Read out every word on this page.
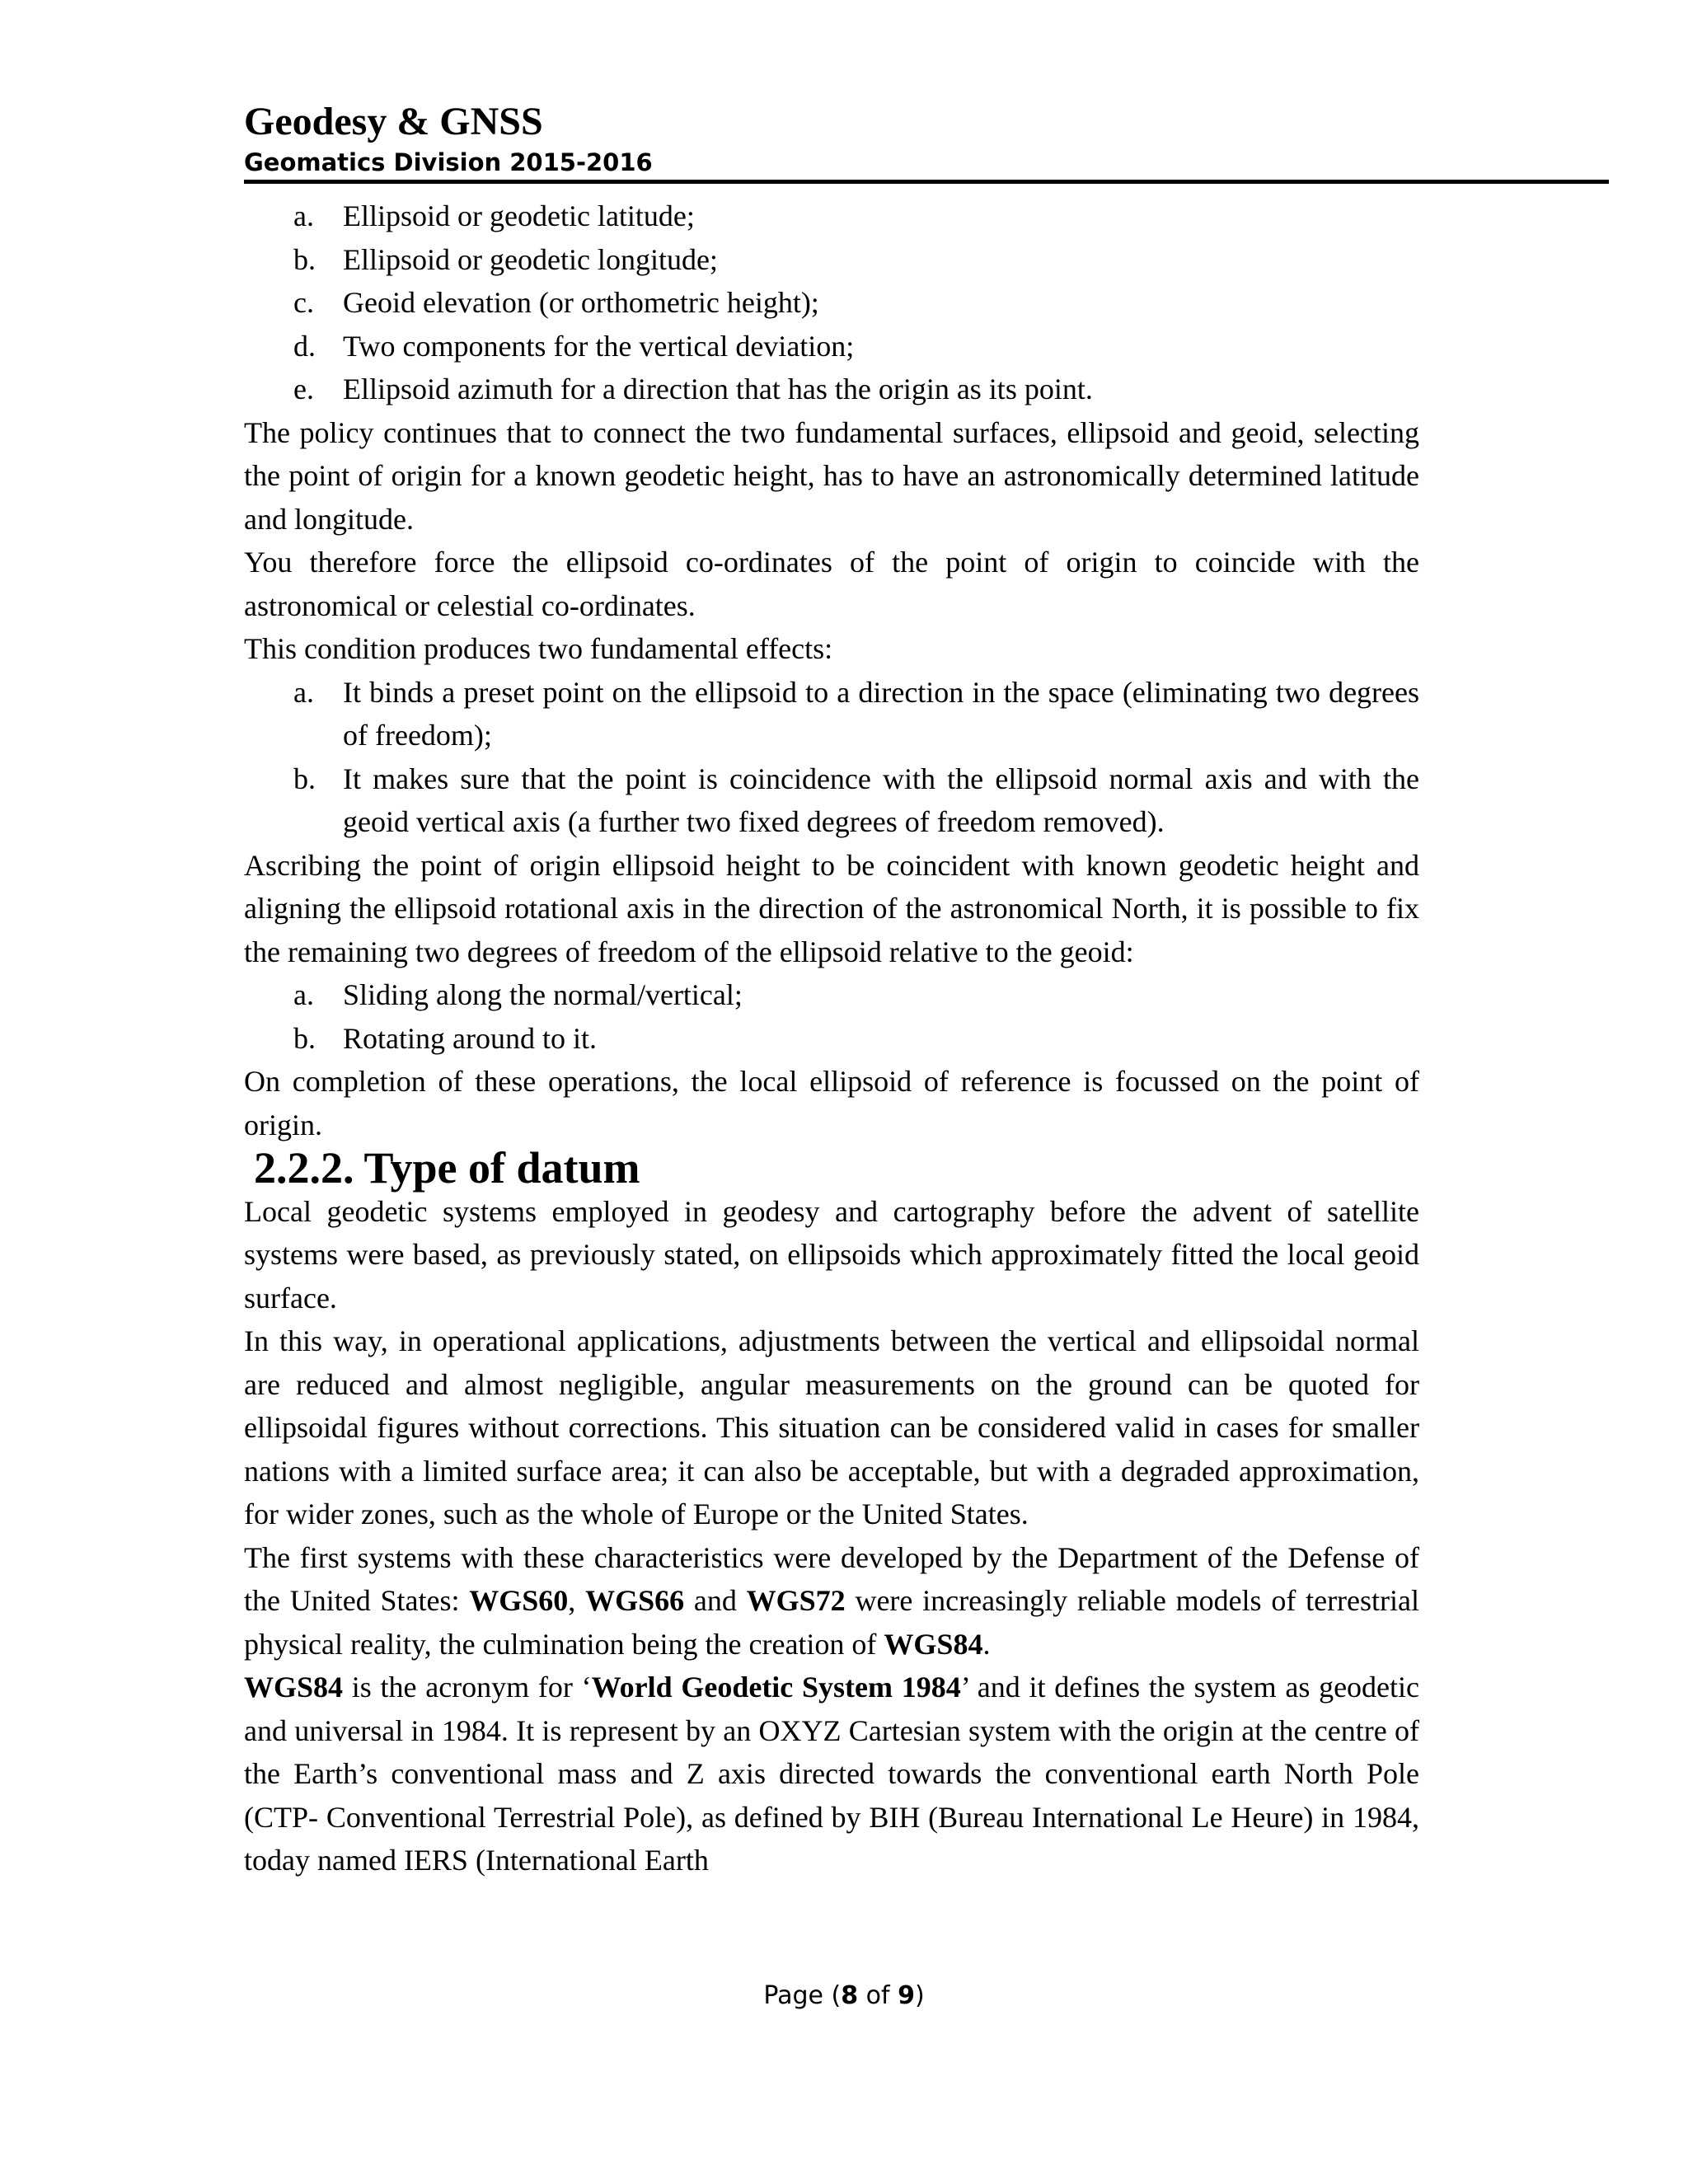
Geodesy & GNSS
Geomatics Division 2015-2016
a. Ellipsoid or geodetic latitude;
b. Ellipsoid or geodetic longitude;
c. Geoid elevation (or orthometric height);
d. Two components for the vertical deviation;
e. Ellipsoid azimuth for a direction that has the origin as its point.

The policy continues that to connect the two fundamental surfaces, ellipsoid and geoid, selecting the point of origin for a known geodetic height, has to have an astronomically determined latitude and longitude.

You therefore force the ellipsoid co-ordinates of the point of origin to coincide with the astronomical or celestial co-ordinates.

This condition produces two fundamental effects:

a. It binds a preset point on the ellipsoid to a direction in the space (eliminating two degrees of freedom);
b. It makes sure that the point is coincidence with the ellipsoid normal axis and with the geoid vertical axis (a further two fixed degrees of freedom removed).

Ascribing the point of origin ellipsoid height to be coincident with known geodetic height and aligning the ellipsoid rotational axis in the direction of the astronomical North, it is possible to fix the remaining two degrees of freedom of the ellipsoid relative to the geoid:

a. Sliding along the normal/vertical;
b. Rotating around to it.

On completion of these operations, the local ellipsoid of reference is focussed on the point of origin.

2.2.2. Type of datum

Local geodetic systems employed in geodesy and cartography before the advent of satellite systems were based, as previously stated, on ellipsoids which approximately fitted the local geoid surface.

In this way, in operational applications, adjustments between the vertical and ellipsoidal normal are reduced and almost negligible, angular measurements on the ground can be quoted for ellipsoidal figures without corrections. This situation can be considered valid in cases for smaller nations with a limited surface area; it can also be acceptable, but with a degraded approximation, for wider zones, such as the whole of Europe or the United States.

The first systems with these characteristics were developed by the Department of the Defense of the United States: WGS60, WGS66 and WGS72 were increasingly reliable models of terrestrial physical reality, the culmination being the creation of WGS84.

WGS84 is the acronym for ‘World Geodetic System 1984’ and it defines the system as geodetic and universal in 1984. It is represent by an OXYZ Cartesian system with the origin at the centre of the Earth’s conventional mass and Z axis directed towards the conventional earth North Pole (CTP- Conventional Terrestrial Pole), as defined by BIH (Bureau International Le Heure) in 1984, today named IERS (International Earth

Page (8 of 9)
